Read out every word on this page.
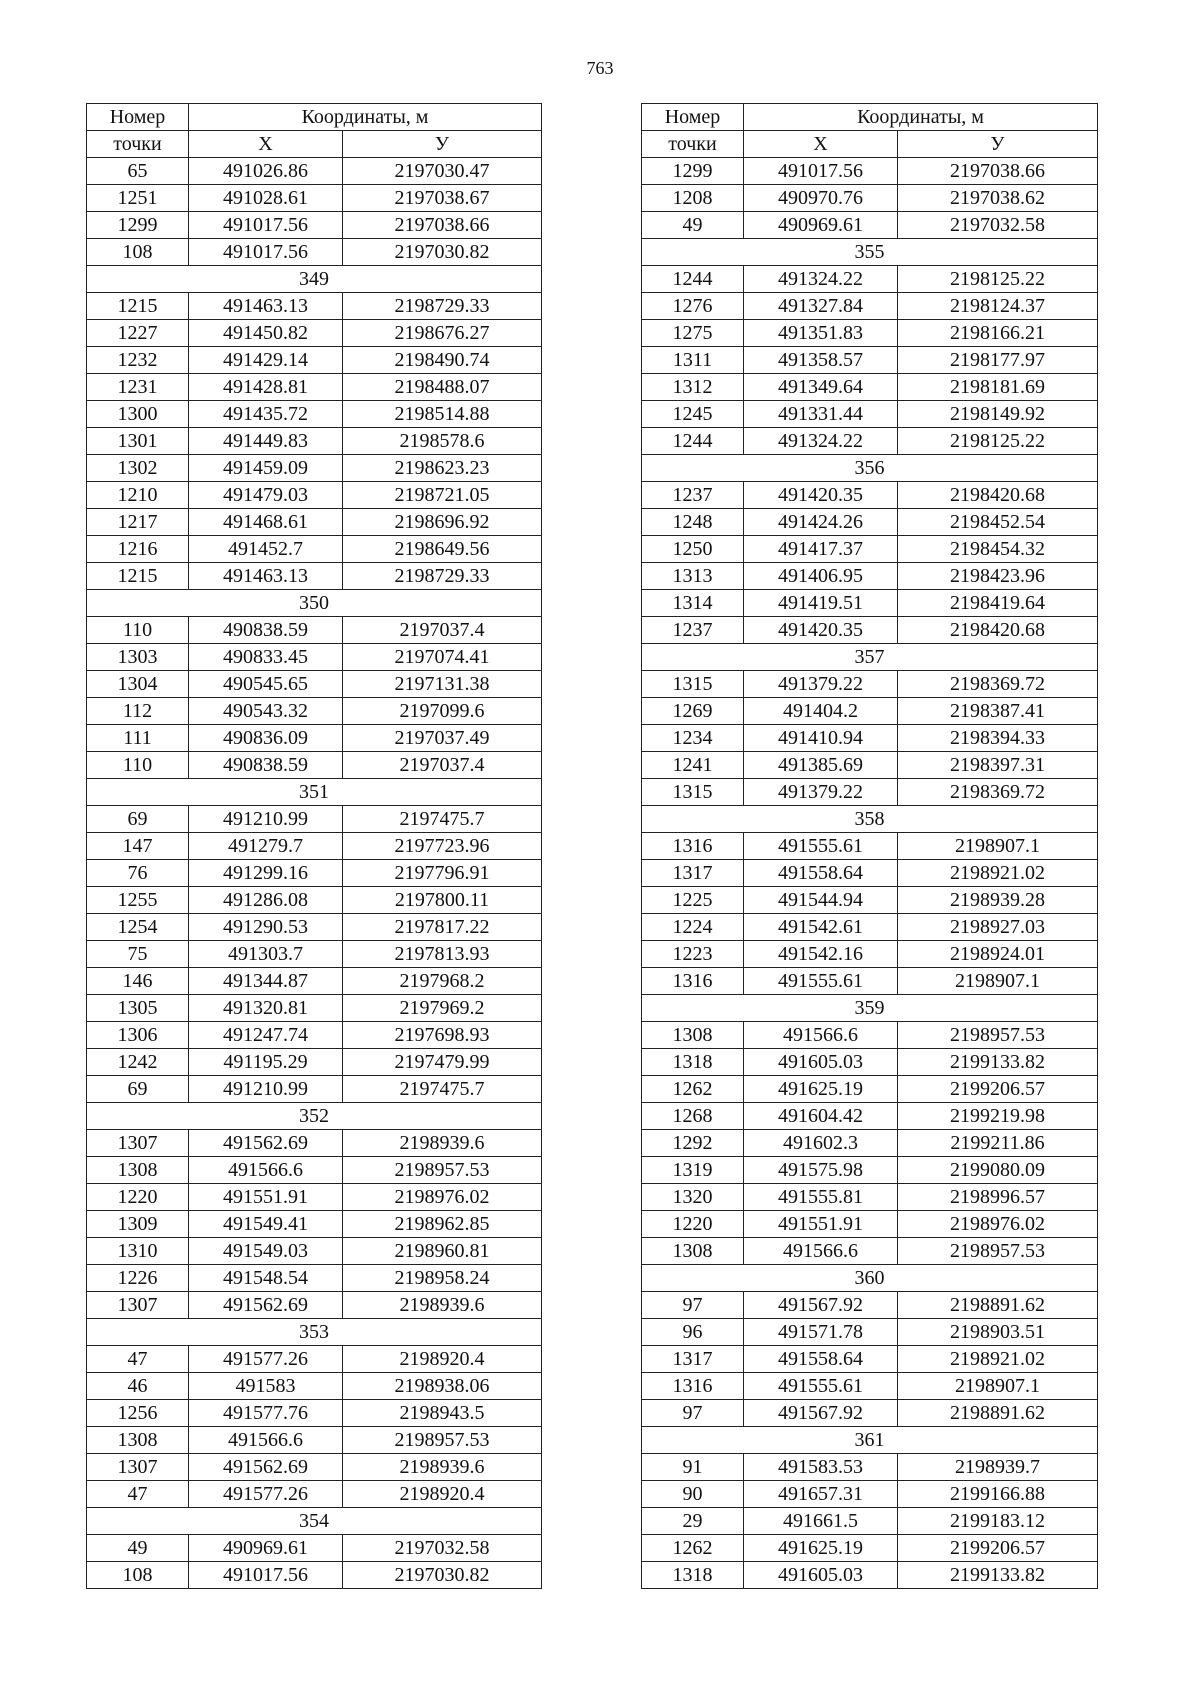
763
Номер	Координаты, м	
точки	X	У
65	491026.86	2197030.47
1251	491028.61	2197038.67
1299	491017.56	2197038.66
108	491017.56	2197030.82
349		
1215	491463.13	2198729.33
1227	491450.82	2198676.27
1232	491429.14	2198490.74
1231	491428.81	2198488.07
1300	491435.72	2198514.88
1301	491449.83	2198578.6
1302	491459.09	2198623.23
1210	491479.03	2198721.05
1217	491468.61	2198696.92
1216	491452.7	2198649.56
1215	491463.13	2198729.33
350		
110	490838.59	2197037.4
1303	490833.45	2197074.41
1304	490545.65	2197131.38
112	490543.32	2197099.6
111	490836.09	2197037.49
110	490838.59	2197037.4
351		
69	491210.99	2197475.7
147	491279.7	2197723.96
76	491299.16	2197796.91
1255	491286.08	2197800.11
1254	491290.53	2197817.22
75	491303.7	2197813.93
146	491344.87	2197968.2
1305	491320.81	2197969.2
1306	491247.74	2197698.93
1242	491195.29	2197479.99
69	491210.99	2197475.7
352		
1307	491562.69	2198939.6
1308	491566.6	2198957.53
1220	491551.91	2198976.02
1309	491549.41	2198962.85
1310	491549.03	2198960.81
1226	491548.54	2198958.24
1307	491562.69	2198939.6
353		
47	491577.26	2198920.4
46	491583	2198938.06
1256	491577.76	2198943.5
1308	491566.6	2198957.53
1307	491562.69	2198939.6
47	491577.26	2198920.4
354		
49	490969.61	2197032.58
108	491017.56	2197030.82
Номер	Координаты, м	
точки	X	У
1299	491017.56	2197038.66
1208	490970.76	2197038.62
49	490969.61	2197032.58
355		
1244	491324.22	2198125.22
1276	491327.84	2198124.37
1275	491351.83	2198166.21
1311	491358.57	2198177.97
1312	491349.64	2198181.69
1245	491331.44	2198149.92
1244	491324.22	2198125.22
356		
1237	491420.35	2198420.68
1248	491424.26	2198452.54
1250	491417.37	2198454.32
1313	491406.95	2198423.96
1314	491419.51	2198419.64
1237	491420.35	2198420.68
357		
1315	491379.22	2198369.72
1269	491404.2	2198387.41
1234	491410.94	2198394.33
1241	491385.69	2198397.31
1315	491379.22	2198369.72
358		
1316	491555.61	2198907.1
1317	491558.64	2198921.02
1225	491544.94	2198939.28
1224	491542.61	2198927.03
1223	491542.16	2198924.01
1316	491555.61	2198907.1
359		
1308	491566.6	2198957.53
1318	491605.03	2199133.82
1262	491625.19	2199206.57
1268	491604.42	2199219.98
1292	491602.3	2199211.86
1319	491575.98	2199080.09
1320	491555.81	2198996.57
1220	491551.91	2198976.02
1308	491566.6	2198957.53
360		
97	491567.92	2198891.62
96	491571.78	2198903.51
1317	491558.64	2198921.02
1316	491555.61	2198907.1
97	491567.92	2198891.62
361		
91	491583.53	2198939.7
90	491657.31	2199166.88
29	491661.5	2199183.12
1262	491625.19	2199206.57
1318	491605.03	2199133.82
